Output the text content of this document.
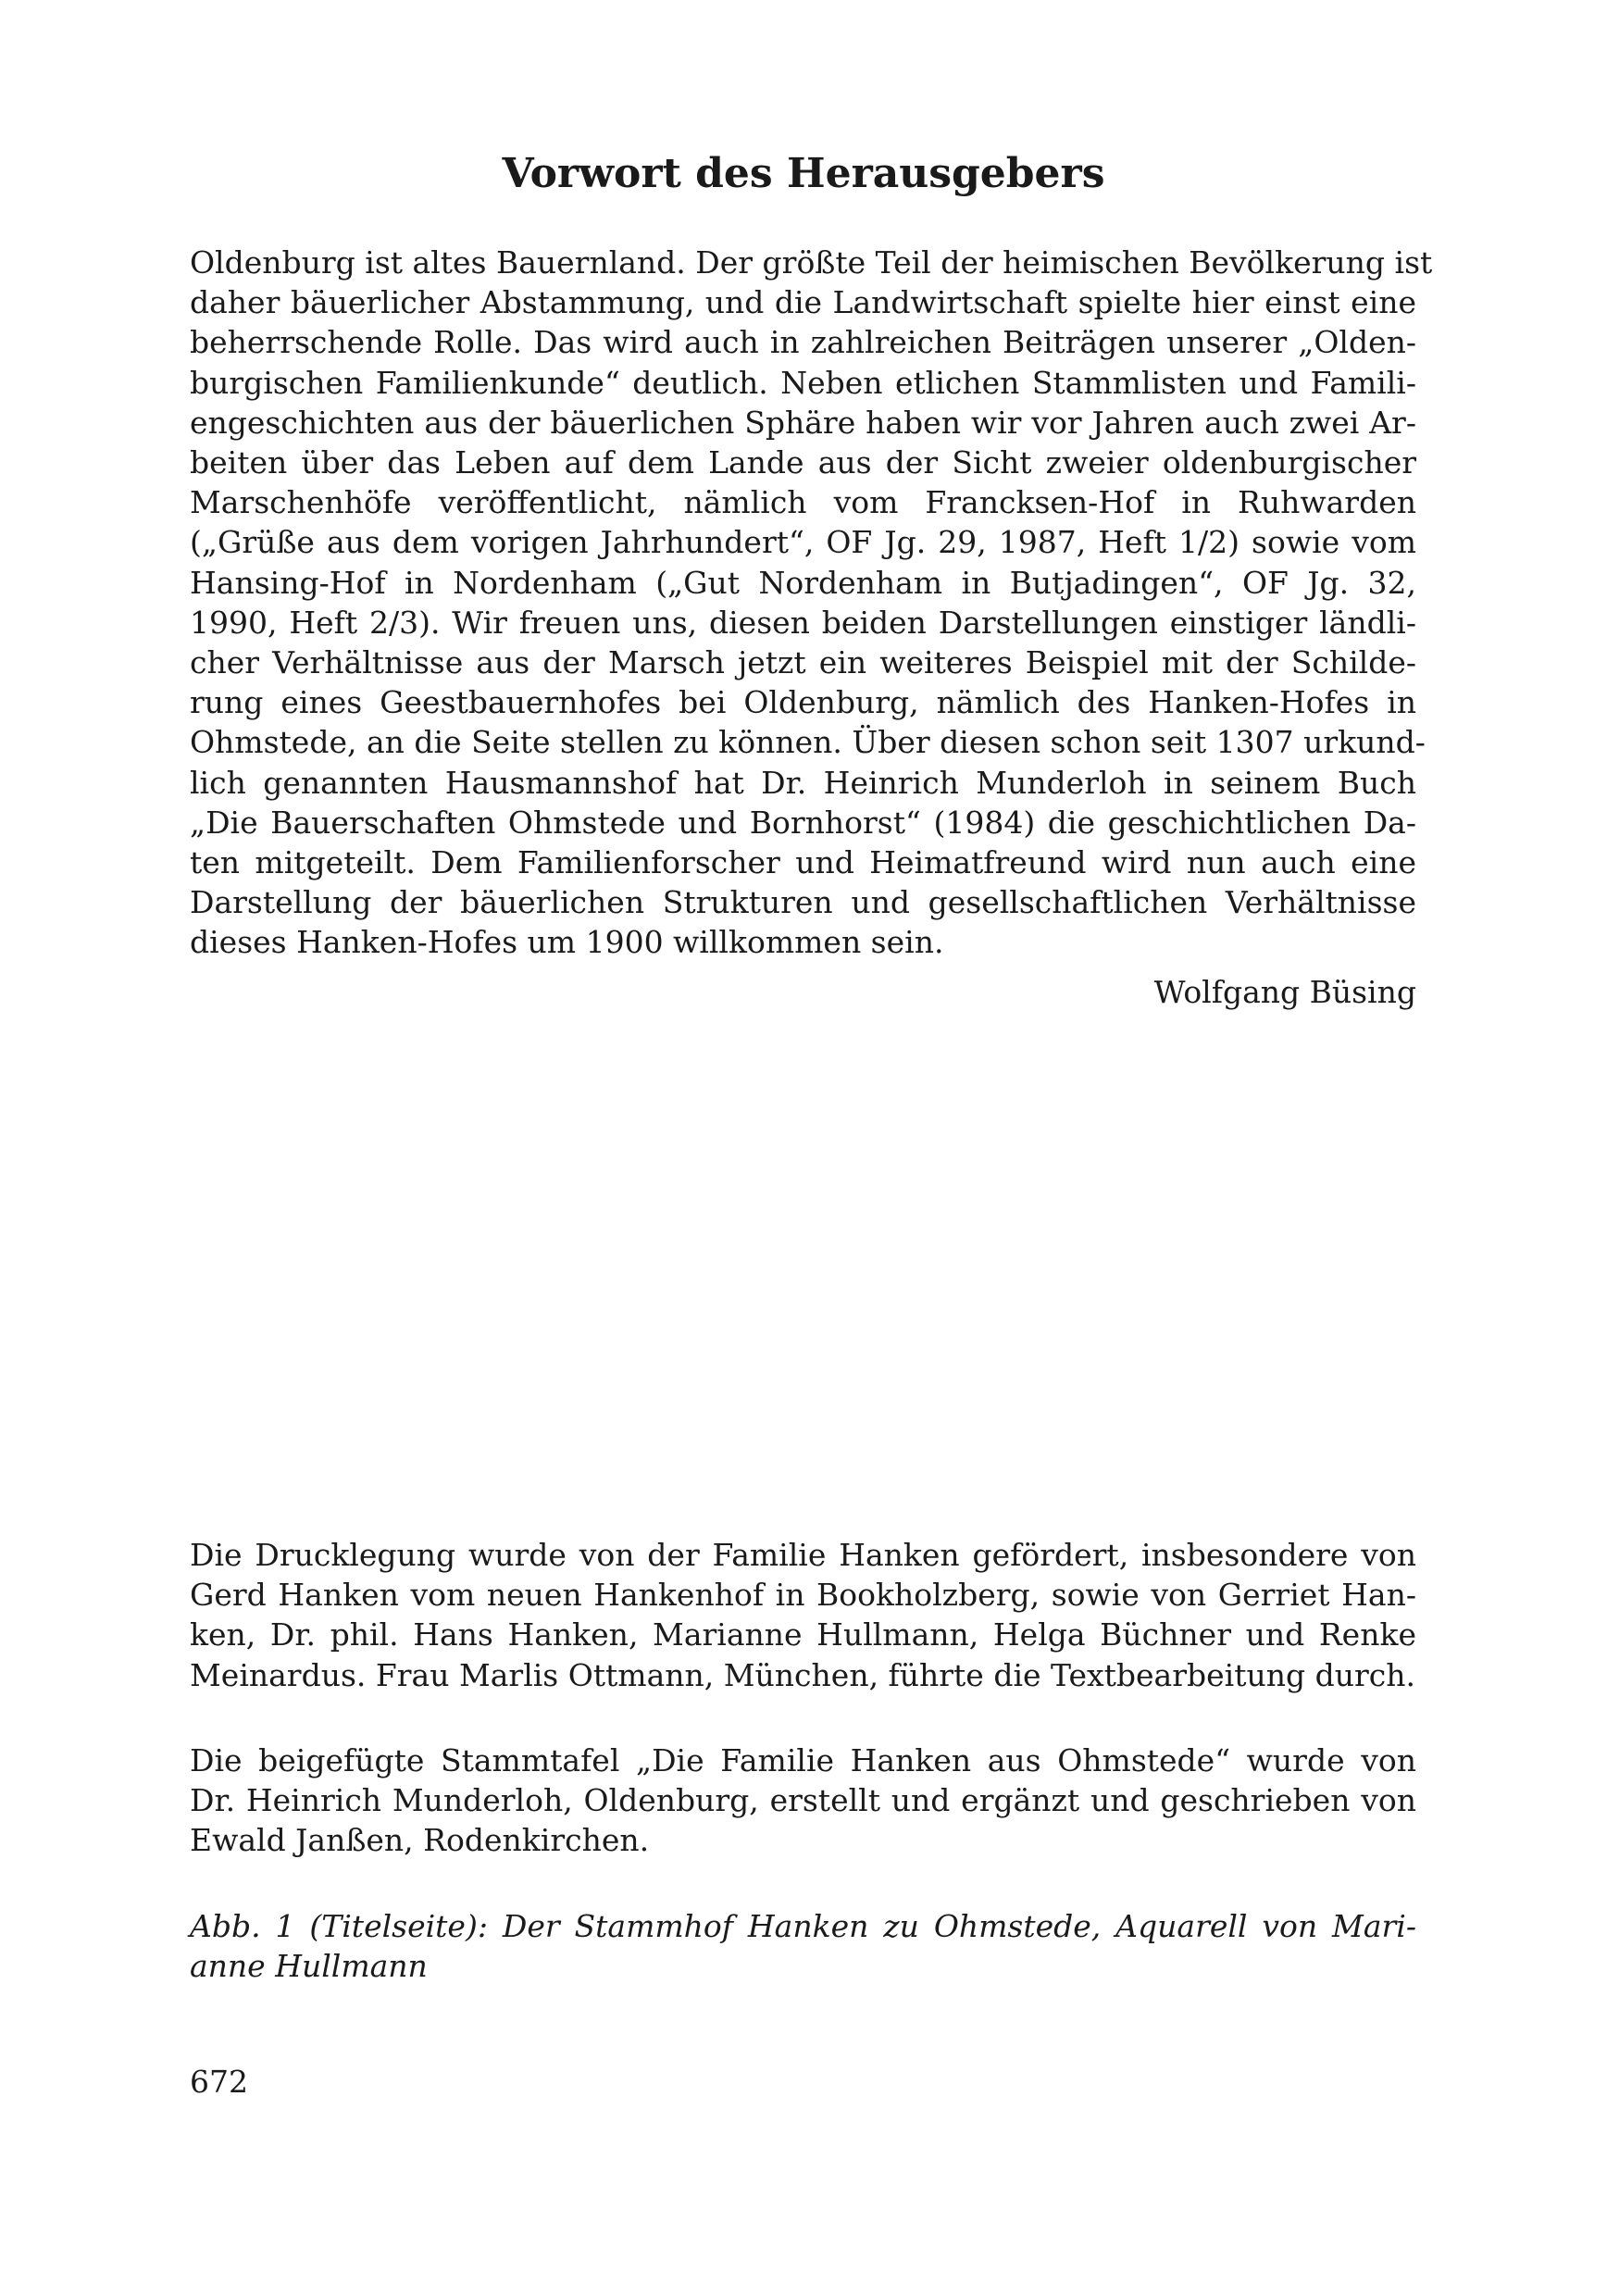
Vorwort des Herausgebers

Oldenburg ist altes Bauernland. Der größte Teil der heimischen Bevölkerung ist

daher bäuerlicher Abstammung, und die Landwirtschaft spielte hier einst eine

beherrschende Rolle. Das wird auch in zahlreichen Beiträgen unserer „Olden-

burgischen Familienkunde“ deutlich. Neben etlichen Stammlisten und Famili-

engeschichten aus der bäuerlichen Sphäre haben wir vor Jahren auch zwei Ar-

beiten über das Leben auf dem Lande aus der Sicht zweier oldenburgischer

Marschenhöfe veröffentlicht, nämlich vom Francksen-Hof in Ruhwarden

(„Grüße aus dem vorigen Jahrhundert“, OF Jg. 29, 1987, Heft 1/2) sowie vom

Hansing-Hof in Nordenham („Gut Nordenham in Butjadingen“, OF Jg. 32,

1990, Heft 2/3). Wir freuen uns, diesen beiden Darstellungen einstiger ländli-

cher Verhältnisse aus der Marsch jetzt ein weiteres Beispiel mit der Schilde-

rung eines Geestbauernhofes bei Oldenburg, nämlich des Hanken-Hofes in

Ohmstede, an die Seite stellen zu können. Über diesen schon seit 1307 urkund-

lich genannten Hausmannshof hat Dr. Heinrich Munderloh in seinem Buch

„Die Bauerschaften Ohmstede und Bornhorst“ (1984) die geschichtlichen Da-

ten mitgeteilt. Dem Familienforscher und Heimatfreund wird nun auch eine

Darstellung der bäuerlichen Strukturen und gesellschaftlichen Verhältnisse

dieses Hanken-Hofes um 1900 willkommen sein.

Wolfgang Büsing

Die Drucklegung wurde von der Familie Hanken gefördert, insbesondere von

Gerd Hanken vom neuen Hankenhof in Bookholzberg, sowie von Gerriet Han-

ken, Dr. phil. Hans Hanken, Marianne Hullmann, Helga Büchner und Renke

Meinardus. Frau Marlis Ottmann, München, führte die Textbearbeitung durch.

Die beigefügte Stammtafel „Die Familie Hanken aus Ohmstede“ wurde von

Dr. Heinrich Munderloh, Oldenburg, erstellt und ergänzt und geschrieben von

Ewald Janßen, Rodenkirchen.

Abb. 1 (Titelseite): Der Stammhof Hanken zu Ohmstede, Aquarell von Mari-

anne Hullmann

672
